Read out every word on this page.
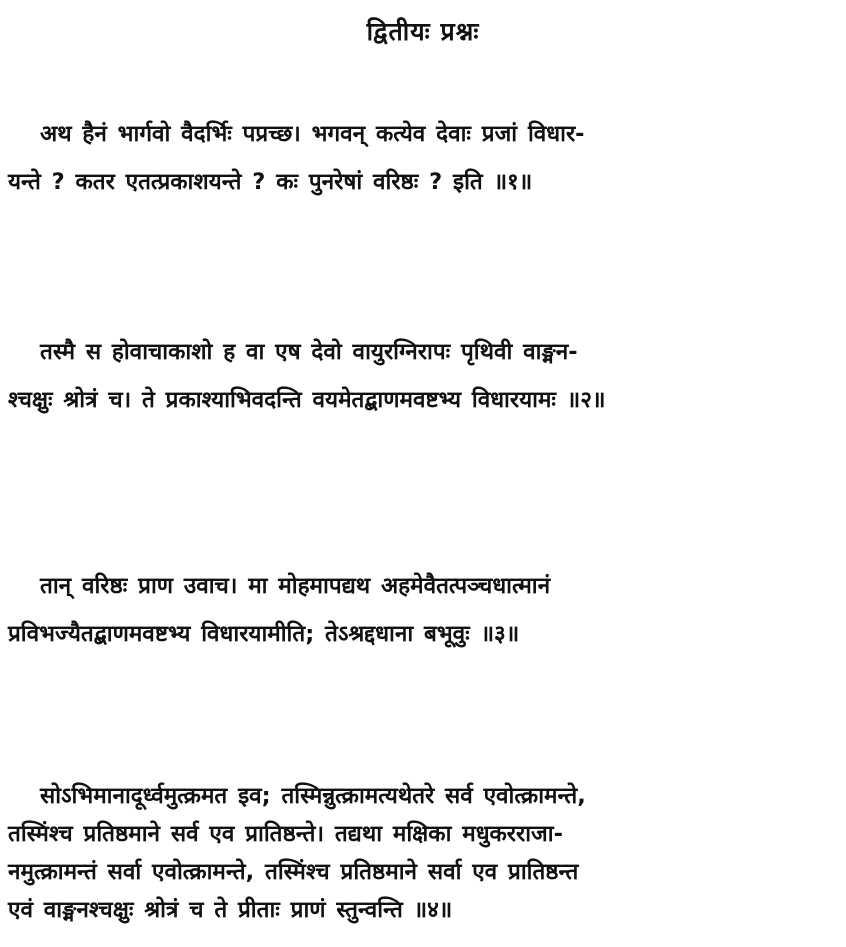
द्वितीयः प्रश्नः
अथ हैनं भार्गवो वैदर्भिः पप्रच्छ। भगवन् कत्येव देवाः प्रजां विधार-
यन्ते ? कतर एतत्प्रकाशयन्ते ? कः पुनरेषां वरिष्ठः ? इति ॥१॥
तस्मै स होवाचाकाशो ह वा एष देवो वायुरग्निरापः पृथिवी वाङ्मन-
श्चक्षुः श्रोत्रं च। ते प्रकाश्याभिवदन्ति वयमेतद्बाणमवष्टभ्य विधारयामः ॥२॥
तान् वरिष्ठः प्राण उवाच। मा मोहमापद्यथ अहमेवैतत्पञ्चधात्मानं
प्रविभज्यैतद्बाणमवष्टभ्य विधारयामीति; तेऽश्रद्दधाना बभूवुः ॥३॥
सोऽभिमानादूर्ध्वमुत्क्रमत इव; तस्मिन्नुत्क्रामत्यथेतरे सर्व एवोत्क्रामन्ते,
तस्मिंश्च प्रतिष्ठमाने सर्व एव प्रातिष्ठन्ते। तद्यथा मक्षिका मधुकरराजा-
नमुत्क्रामन्तं सर्वा एवोत्क्रामन्ते, तस्मिंश्च प्रतिष्ठमाने सर्वा एव प्रातिष्ठन्त
एवं वाङ्मनश्चक्षुः श्रोत्रं च ते प्रीताः प्राणं स्तुन्वन्ति ॥४॥
